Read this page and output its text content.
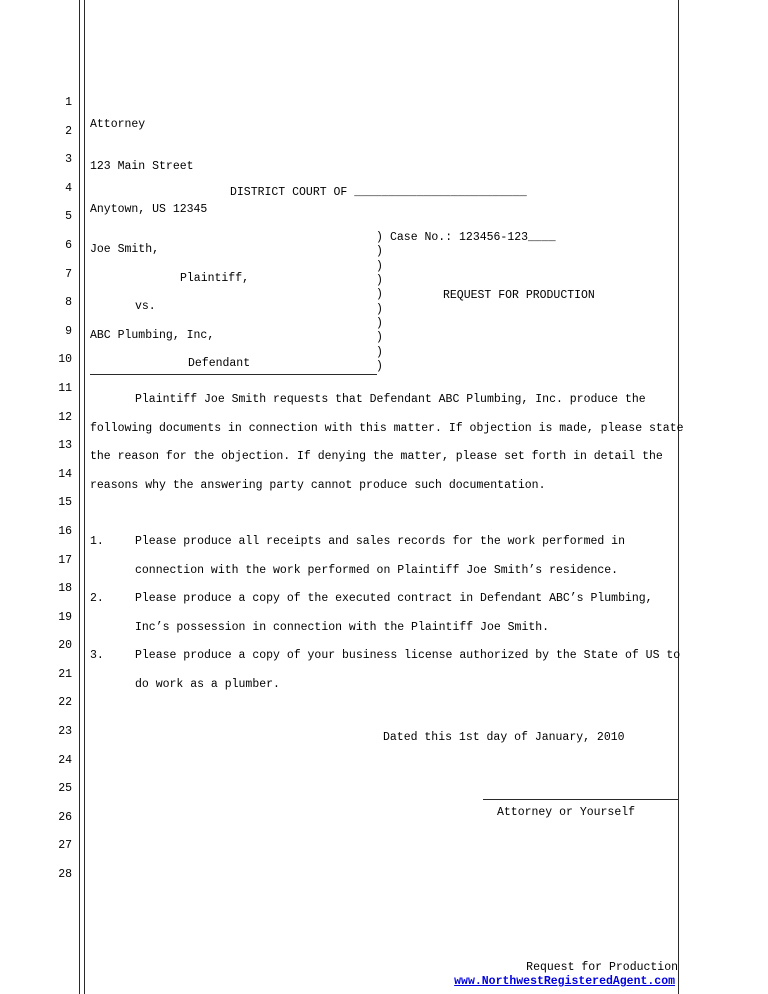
1
2
3
4
5
6
7
8
9
10
11
12
13
14
15
16
17
18
19
20
21
22
23
24
25
26
27
28

Attorney

123 Main Street

Anytown, US 12345

DISTRICT COURT OF _________________________
Joe Smith,
Plaintiff,
vs.
ABC Plumbing, Inc,
Defendant
)
)
)
)
)
)
)
)
)
)
Case No.: 123456-123____
REQUEST FOR PRODUCTION
Plaintiff Joe Smith requests that Defendant ABC Plumbing, Inc. produce the
following documents in connection with this matter. If objection is made, please state
the reason for the objection. If denying the matter, please set forth in detail the
reasons why the answering party cannot produce such documentation.
1.	Please produce all receipts and sales records for the work performed in
connection with the work performed on Plaintiff Joe Smith’s residence.
2.	Please produce a copy of the executed contract in Defendant ABC’s Plumbing,
Inc’s possession in connection with the Plaintiff Joe Smith.
3.	Please produce a copy of your business license authorized by the State of US to
do work as a plumber.
Dated this 1st day of January, 2010
Attorney or Yourself
Request for Production
www.NorthwestRegisteredAgent.com
